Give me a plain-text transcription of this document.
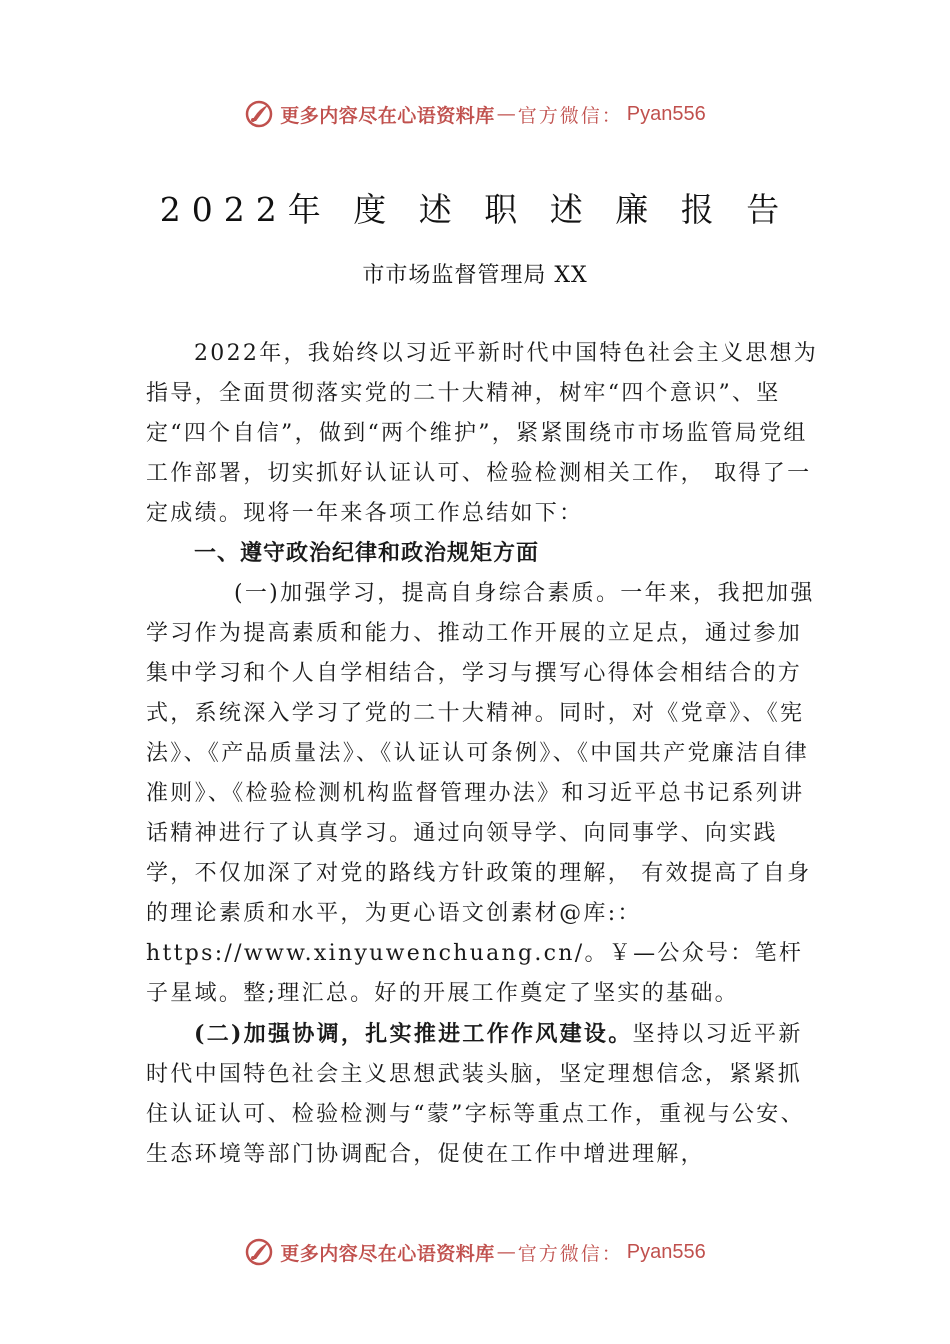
更多内容尽在心语资料库 — 官方微信： Pyan556
2022年 度 述 职 述 廉 报 告
市市场监督管理局 XX

2022年，我始终以习近平新时代中国特色社会主义思想为指导，全面贯彻落实党的二十大精神，树牢“四个意识”、坚定“四个自信”，做到“两个维护”，紧紧围绕市市场监管局党组工作部署，切实抓好认证认可、检验检测相关工作， 取得了一定成绩。现将一年来各项工作总结如下：

一、遵守政治纪律和政治规矩方面

(一)加强学习，提高自身综合素质。一年来，我把加强学习作为提高素质和能力、推动工作开展的立足点，通过参加集中学习和个人自学相结合，学习与撰写心得体会相结合的方式，系统深入学习了党的二十大精神。同时，对《党章》、《宪法》、《产品质量法》、《认证认可条例》、《中国共产党廉洁自律准则》、《检验检测机构监督管理办法》和习近平总书记系列讲话精神进行了认真学习。通过向领导学、向同事学、向实践学，不仅加深了对党的路线方针政策的理解， 有效提高了自身的理论素质和水平，为更心语文创素材@库:：https://www.xinyuwenchuang.cn/。￥—公众号：笔杆子星域。整;理汇总。好的开展工作奠定了坚实的基础。

(二)加强协调，扎实推进工作作风建设。坚持以习近平新时代中国特色社会主义思想武装头脑，坚定理想信念，紧紧抓住认证认可、检验检测与“蒙”字标等重点工作，重视与公安、生态环境等部门协调配合，促使在工作中增进理解，

更多内容尽在心语资料库 — 官方微信： Pyan556
